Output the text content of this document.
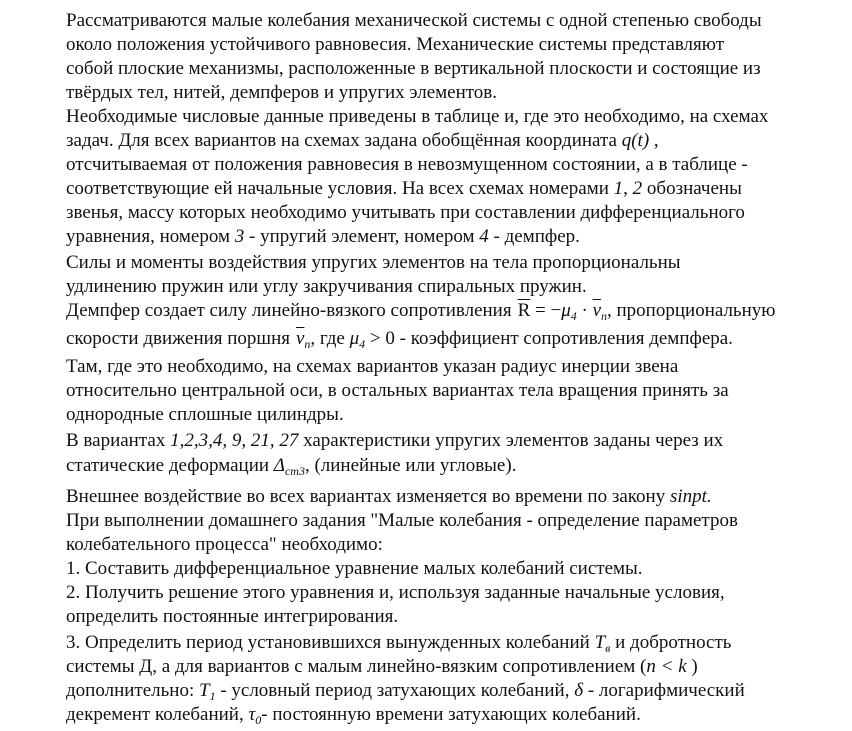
Рассматриваются малые колебания механической системы с одной степенью свободы
около положения устойчивого равновесия. Механические системы представляют
собой плоские механизмы, расположенные в вертикальной плоскости и состоящие из
твёрдых тел, нитей, демпферов и упругих элементов.
Необходимые числовые данные приведены в таблице и, где это необходимо, на схемах
задач. Для всех вариантов на схемах задана обобщённая координата q(t) ,
отсчитываемая от положения равновесия в невозмущенном состоянии, а в таблице -
соответствующие ей начальные условия. На всех схемах номерами 1, 2 обозначены
звенья, массу которых необходимо учитывать при составлении дифференциального
уравнения, номером 3 - упругий элемент, номером 4 - демпфер.
Силы и моменты воздействия упругих элементов на тела пропорциональны
удлинению пружин или углу закручивания спиральных пружин.
Демпфер создает силу линейно-вязкого сопротивления $\overline{R} = -\mu_4 \cdot \overline{v}_n$, пропорциональную
скорости движения поршня $\overline{v}_n$, где $\mu_4 > 0$ - коэффициент сопротивления демпфера.
Там, где это необходимо, на схемах вариантов указан радиус инерции звена
относительно центральной оси, в остальных вариантах тела вращения принять за
однородные сплошные цилиндры.
В вариантах 1,2,3,4, 9, 21, 27 характеристики упругих элементов заданы через их
статические деформации $\Delta_{cm3}$, (линейные или угловые).
Внешнее воздействие во всех вариантах изменяется во времени по закону sinpt.
При выполнении домашнего задания "Малые колебания - определение параметров
колебательного процесса" необходимо:
1. Составить дифференциальное уравнение малых колебаний системы.
2. Получить решение этого уравнения и, используя заданные начальные условия,
определить постоянные интегрирования.
3. Определить период установившихся вынужденных колебаний $T_в$ и добротность
системы Д, а для вариантов с малым линейно-вязким сопротивлением (n < k )
дополнительно: $T_1$ - условный период затухающих колебаний, δ - логарифмический
декремент колебаний, $\tau_0-$ постоянную времени затухающих колебаний.
